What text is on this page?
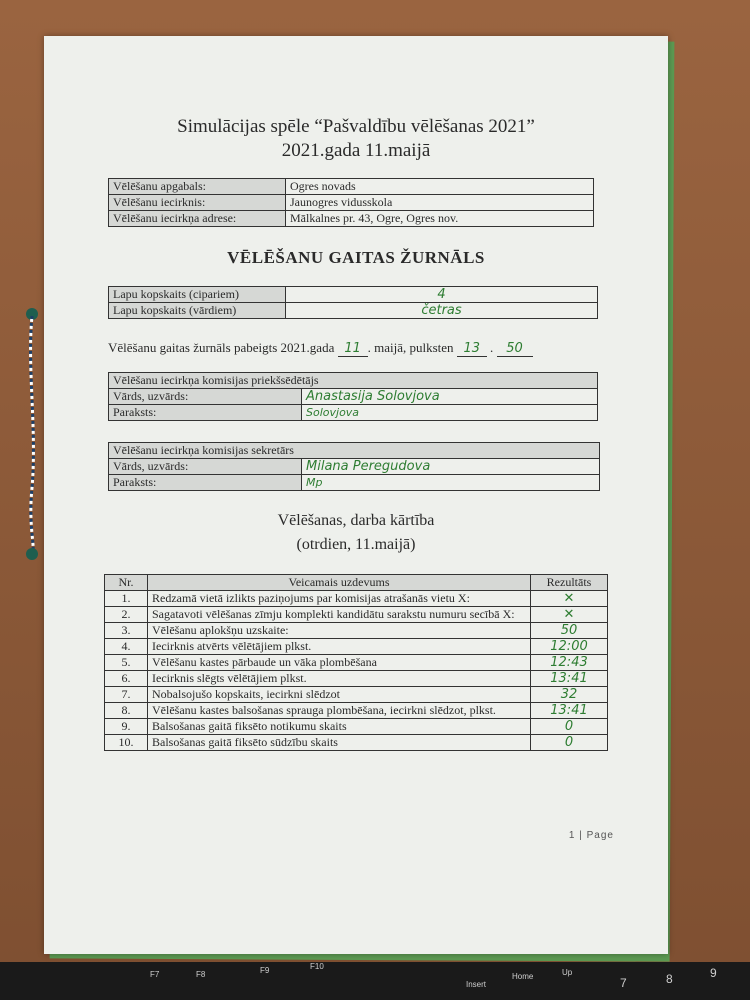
Simulācijas spēle “Pašvaldību vēlēšanas 2021”
2021.gada 11.maijā
Vēlēšanu apgabals:	Ogres novads
Vēlēšanu iecirknis:	Jaunogres vidusskola
Vēlēšanu iecirkņa adrese:	Mālkalnes pr. 43, Ogre, Ogres nov.
VĒLĒŠANU GAITAS ŽURNĀLS
Lapu kopskaits (cipariem)	4
Lapu kopskaits (vārdiem)	četras
Vēlēšanu gaitas žurnāls pabeigts 2021.gada 11 . maijā, pulksten 13 . 50
Vēlēšanu iecirkņa komisijas priekšsēdētājs	
Vārds, uzvārds:	Anastasija Solovjova
Paraksts:	Solovjova
Vēlēšanu iecirkņa komisijas sekretārs	
Vārds, uzvārds:	Milana Peregudova
Paraksts:	Mp
Vēlēšanas, darba kārtība
(otrdien, 11.maijā)
Nr.	Veicamais uzdevums	Rezultāts
1.	Redzamā vietā izlikts paziņojums par komisijas atrašanās vietu X:	✕
2.	Sagatavoti vēlēšanas zīmju komplekti kandidātu sarakstu numuru secībā X:	✕
3.	Vēlēšanu aplokšņu uzskaite:	50
4.	Iecirknis atvērts vēlētājiem plkst.	12:00
5.	Vēlēšanu kastes pārbaude un vāka plombēšana	12:43
6.	Iecirknis slēgts vēlētājiem plkst.	13:41
7.	Nobalsojušo kopskaits, iecirkni slēdzot	32
8.	Vēlēšanu kastes balsošanas sprauga plombēšana, iecirkni slēdzot, plkst.	13:41
9.	Balsošanas gaitā fiksēto notikumu skaits	0
10.	Balsošanas gaitā fiksēto sūdzību skaits	0
1 | Page
F7	F8	F9	F10
Insert
Home	Up
7	8	9
